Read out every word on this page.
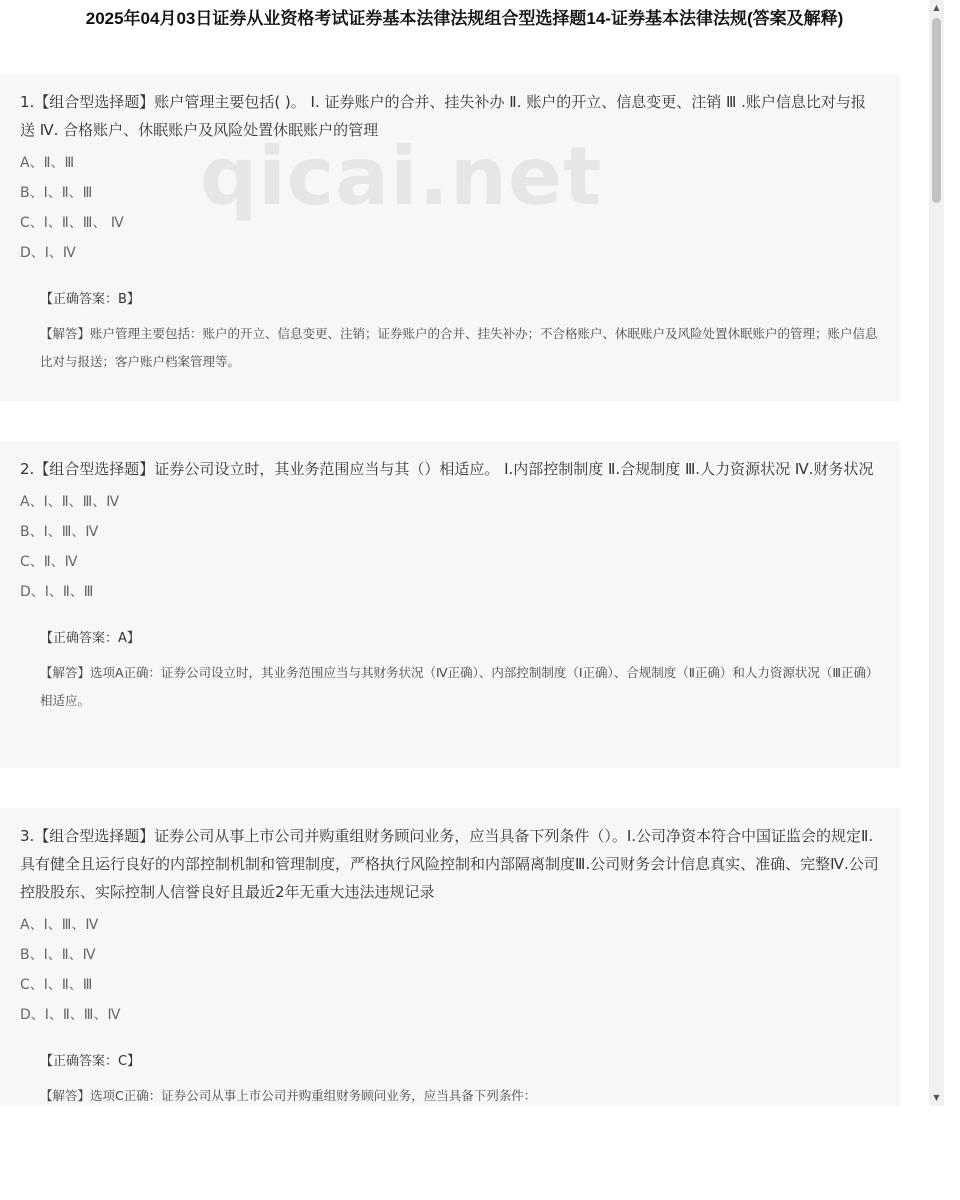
2025年04月03日证券从业资格考试证券基本法律法规组合型选择题14-证券基本法律法规(答案及解释)
1.【组合型选择题】账户管理主要包括( )。 Ⅰ. 证券账户的合并、挂失补办 Ⅱ. 账户的开立、信息变更、注销 Ⅲ .账户信息比对与报送 Ⅳ. 合格账户、休眠账户及风险处置休眠账户的管理
A、Ⅱ、Ⅲ
B、Ⅰ、Ⅱ、Ⅲ
C、Ⅰ、Ⅱ、Ⅲ、 Ⅳ
D、Ⅰ、Ⅳ
【正确答案：B】
【解答】账户管理主要包括：账户的开立、信息变更、注销；证券账户的合并、挂失补办；不合格账户、休眠账户及风险处置休眠账户的管理；账户信息比对与报送；客户账户档案管理等。
2.【组合型选择题】证券公司设立时，其业务范围应当与其（）相适应。 Ⅰ.内部控制制度 Ⅱ.合规制度 Ⅲ.人力资源状况 Ⅳ.财务状况
A、Ⅰ、Ⅱ、Ⅲ、Ⅳ
B、Ⅰ、Ⅲ、Ⅳ
C、Ⅱ、Ⅳ
D、Ⅰ、Ⅱ、Ⅲ
【正确答案：A】
【解答】选项A正确：证券公司设立时，其业务范围应当与其财务状况（Ⅳ正确）、内部控制制度（Ⅰ正确）、合规制度（Ⅱ正确）和人力资源状况（Ⅲ正确）相适应。
3.【组合型选择题】证券公司从事上市公司并购重组财务顾问业务，应当具备下列条件（）。Ⅰ.公司净资本符合中国证监会的规定Ⅱ.具有健全且运行良好的内部控制机制和管理制度，严格执行风险控制和内部隔离制度Ⅲ.公司财务会计信息真实、准确、完整Ⅳ.公司控股股东、实际控制人信誉良好且最近2年无重大违法违规记录
A、Ⅰ、Ⅲ、Ⅳ
B、Ⅰ、Ⅱ、Ⅳ
C、Ⅰ、Ⅱ、Ⅲ
D、Ⅰ、Ⅱ、Ⅲ、Ⅳ
【正确答案：C】
【解答】选项C正确：证券公司从事上市公司并购重组财务顾问业务，应当具备下列条件：
qicai.net
▲
▼
